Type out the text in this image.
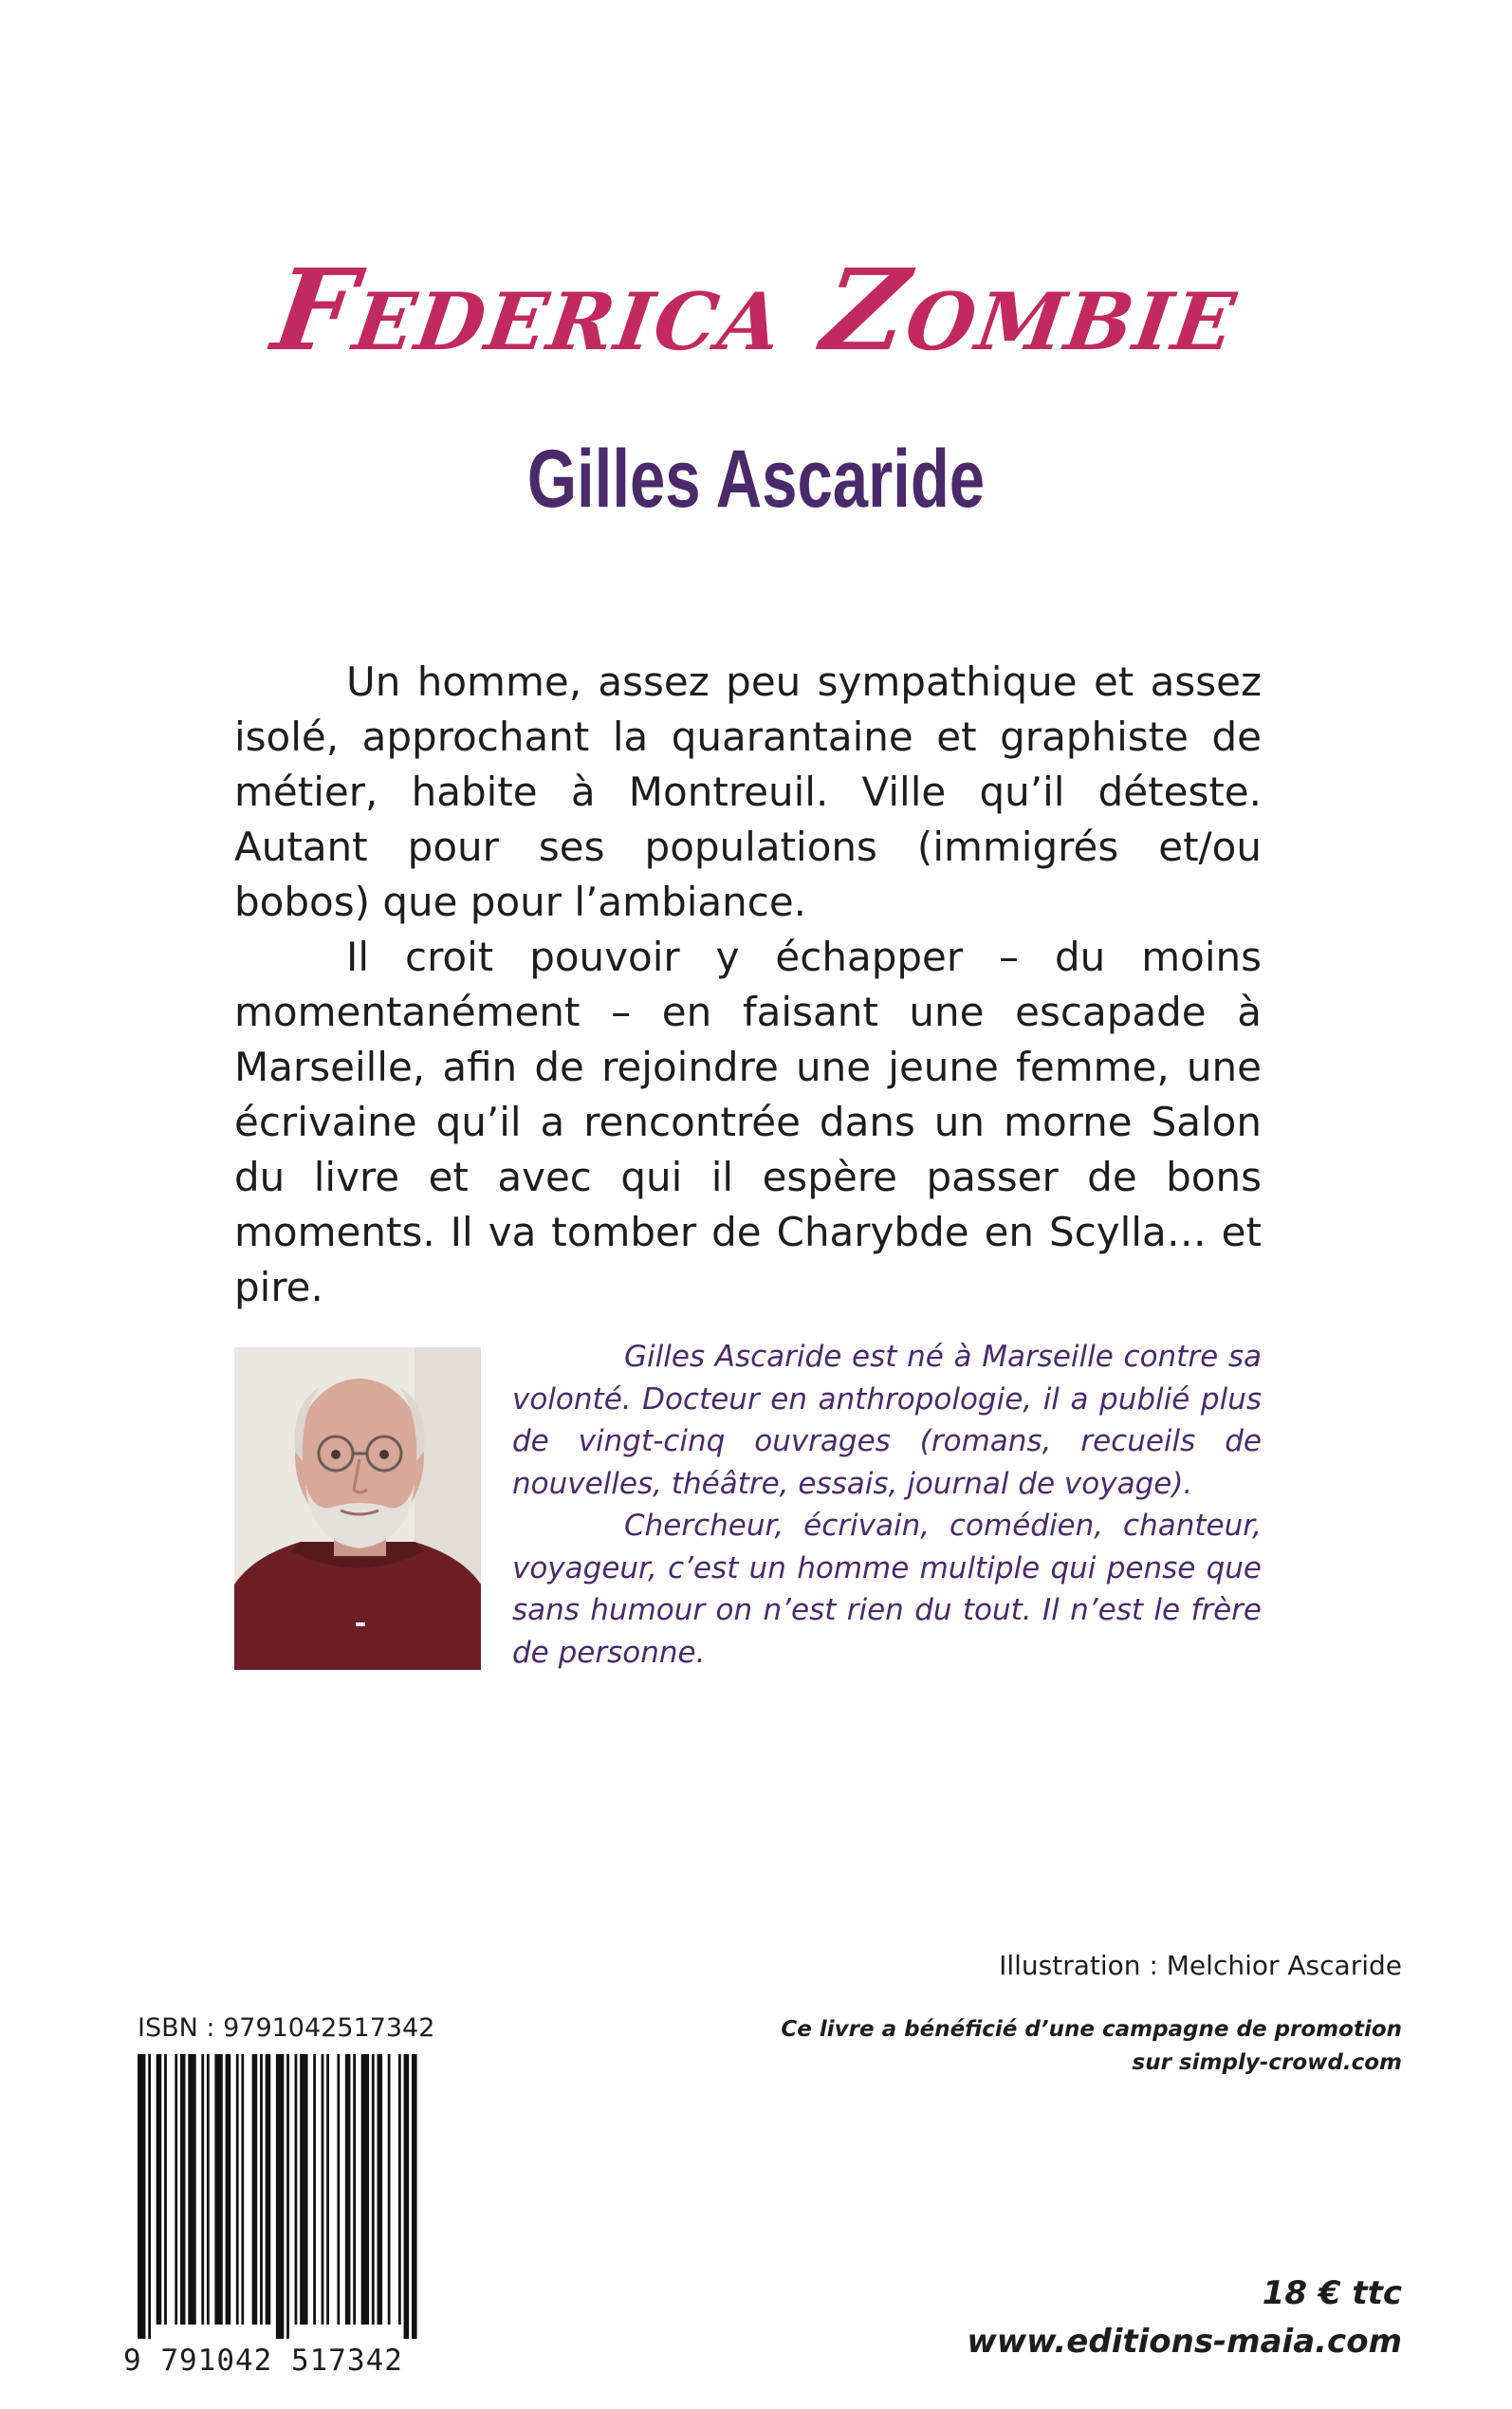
Federica Zombie
Gilles Ascaride

Un homme, assez peu sympathique et assez isolé, approchant la quarantaine et graphiste de métier, habite à Montreuil. Ville qu’il déteste. Autant pour ses populations (immigrés et/ou bobos) que pour l’ambiance.

Il croit pouvoir y échapper – du moins momentanément – en faisant une escapade à Marseille, afin de rejoindre une jeune femme, une écrivaine qu’il a rencontrée dans un morne Salon du livre et avec qui il espère passer de bons moments. Il va tomber de Charybde en Scylla… et pire.

Gilles Ascaride est né à Marseille contre sa volonté. Docteur en anthropologie, il a publié plus de vingt-cinq ouvrages (romans, recueils de nouvelles, théâtre, essais, journal de voyage).

Chercheur, écrivain, comédien, chanteur, voyageur, c’est un homme multiple qui pense que sans humour on n’est rien du tout. Il n’est le frère de personne.

Illustration : Melchior Ascaride
Ce livre a bénéficié d’une campagne de promotion
sur simply-crowd.com
ISBN : 9791042517342
9 791042 517342
18 € ttc
www.editions-maia.com
